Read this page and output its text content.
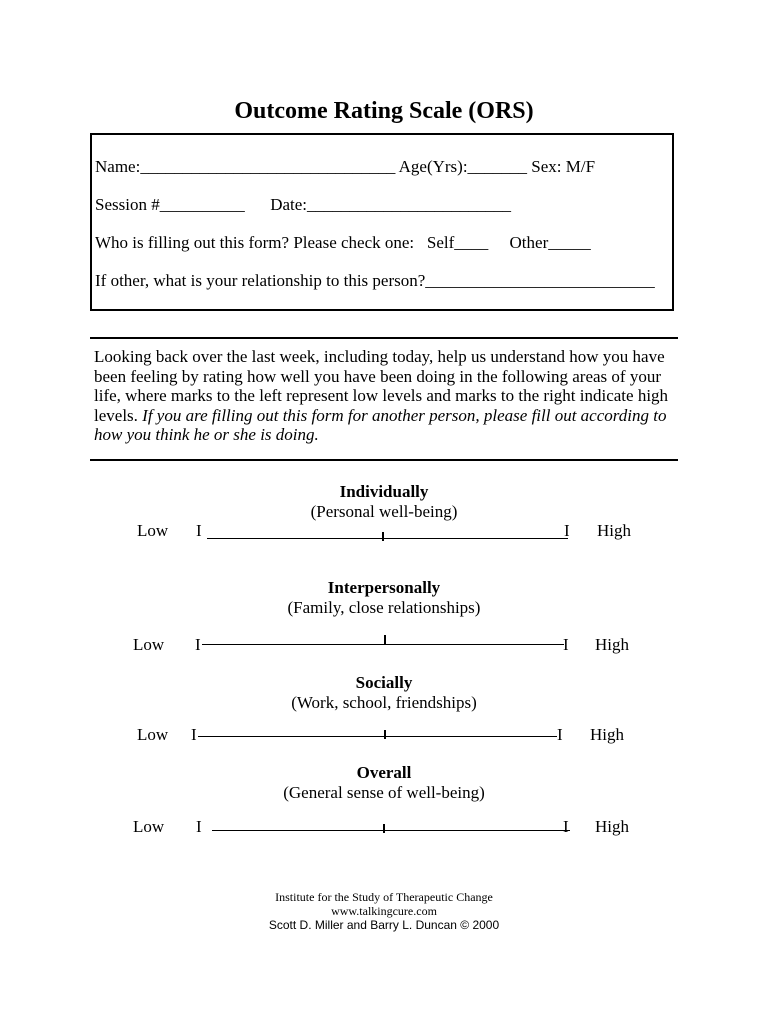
Outcome Rating Scale (ORS)
Name:______________________________ Age(Yrs):_______ Sex: M/F
Session #__________      Date:________________________
Who is filling out this form? Please check one:   Self____     Other_____
If other, what is your relationship to this person?___________________________
Looking back over the last week, including today, help us understand how you have been feeling by rating how well you have been doing in the following areas of your life, where marks to the left represent low levels and marks to the right indicate high levels. If you are filling out this form for another person, please fill out according to how you think he or she is doing.
Individually
(Personal well-being)
Low I	I High
Interpersonally
(Family, close relationships)
Low I	I High
Socially
(Work, school, friendships)
Low I	I High
Overall
(General sense of well-being)
Low I	I High
Institute for the Study of Therapeutic Change
www.talkingcure.com
Scott D. Miller and Barry L. Duncan © 2000
